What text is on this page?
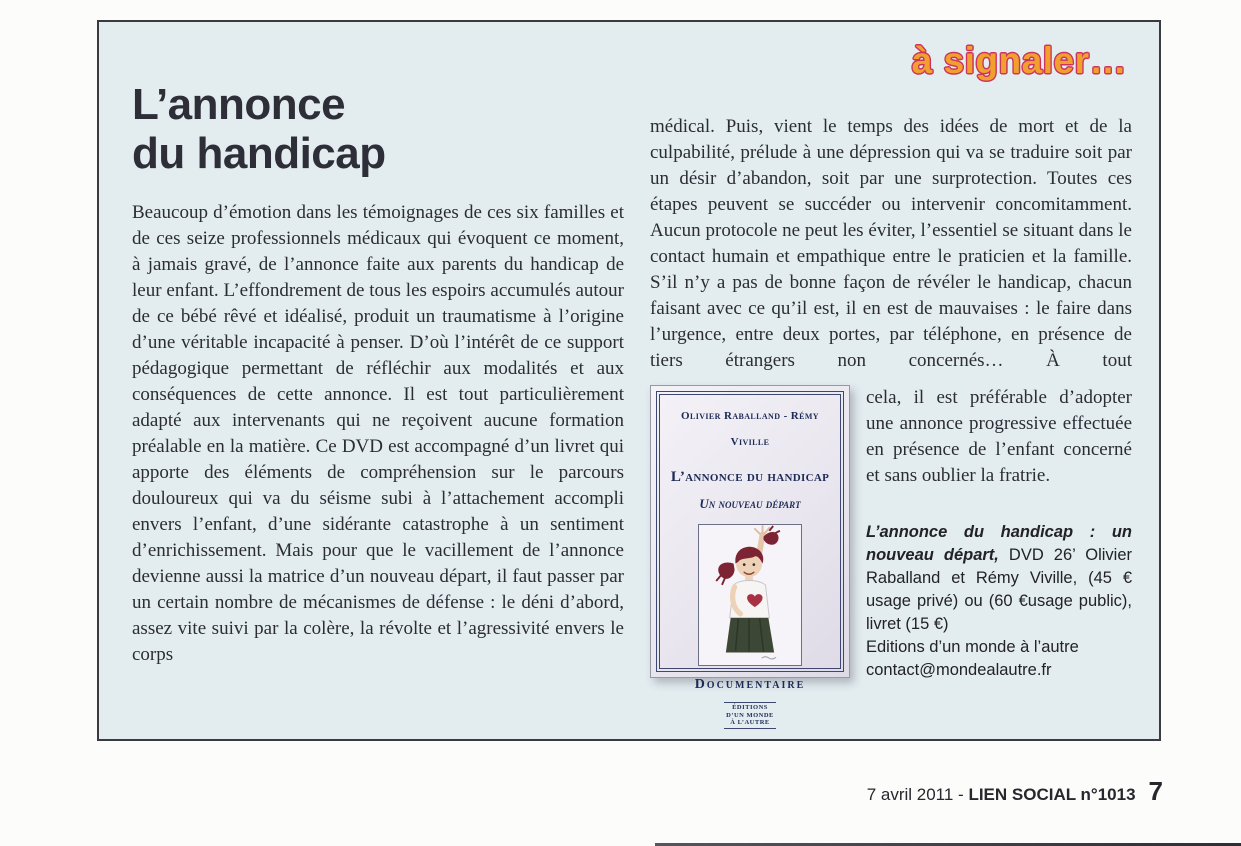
à signaler…
L’annonce
du handicap
Beaucoup d’émotion dans les témoignages de ces six familles et de ces seize professionnels médicaux qui évoquent ce moment, à jamais gravé, de l’annonce faite aux parents du handicap de leur enfant. L’effondrement de tous les espoirs accumulés autour de ce bébé rêvé et idéalisé, produit un traumatisme à l’origine d’une véritable incapacité à penser. D’où l’intérêt de ce support pédagogique permettant de réfléchir aux modalités et aux conséquences de cette annonce. Il est tout particulièrement adapté aux intervenants qui ne reçoivent aucune formation préalable en la matière. Ce DVD est accompagné d’un livret qui apporte des éléments de compréhension sur le parcours douloureux qui va du séisme subi à l’attachement accompli envers l’enfant, d’une sidérante catastrophe à un sentiment d’enrichissement. Mais pour que le vacillement de l’annonce devienne aussi la matrice d’un nouveau départ, il faut passer par un certain nombre de mécanismes de défense : le déni d’abord, assez vite suivi par la colère, la révolte et l’agressivité envers le corps

médical. Puis, vient le temps des idées de mort et de la culpabilité, prélude à une dépression qui va se traduire soit par un désir d’abandon, soit par une surprotection. Toutes ces étapes peuvent se succéder ou intervenir concomitamment. Aucun protocole ne peut les éviter, l’essentiel se situant dans le contact humain et empathique entre le praticien et la famille. S’il n’y a pas de bonne façon de révéler le handicap, chacun faisant avec ce qu’il est, il en est de mauvaises : le faire dans l’urgence, entre deux portes, par téléphone, en présence de tiers étrangers non concernés… À tout

Olivier Raballand - Rémy Viville
L’annonce du handicap
Un nouveau départ
Documentaire
ÉDITIONS
D’UN MONDE
À L’AUTRE

cela, il est préférable d’adopter une annonce progressive effectuée en présence de l’enfant concerné et sans oublier la fratrie.

L’annonce du handicap : un nouveau départ, DVD 26’ Olivier Raballand et Rémy Viville, (45 € usage privé) ou (60 €usage public), livret (15 €)
Editions d’un monde à l’autre
contact@mondealautre.fr
7 avril 2011 - LIEN SOCIAL n°1013 7
